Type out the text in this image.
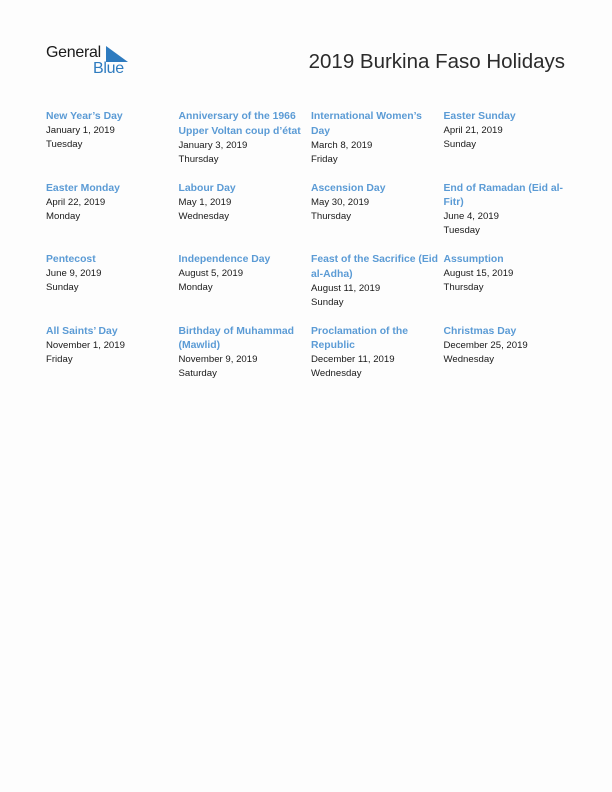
General
Blue	2019 Burkina Faso Holidays
New Year’s Day
January 1, 2019
Tuesday
Anniversary of the 1966 Upper Voltan coup d’état
January 3, 2019
Thursday
International Women’s Day
March 8, 2019
Friday
Easter Sunday
April 21, 2019
Sunday
Easter Monday
April 22, 2019
Monday
Labour Day
May 1, 2019
Wednesday
Ascension Day
May 30, 2019
Thursday
End of Ramadan (Eid al-Fitr)
June 4, 2019
Tuesday
Pentecost
June 9, 2019
Sunday
Independence Day
August 5, 2019
Monday
Feast of the Sacrifice (Eid al-Adha)
August 11, 2019
Sunday
Assumption
August 15, 2019
Thursday
All Saints’ Day
November 1, 2019
Friday
Birthday of Muhammad (Mawlid)
November 9, 2019
Saturday
Proclamation of the Republic
December 11, 2019
Wednesday
Christmas Day
December 25, 2019
Wednesday
